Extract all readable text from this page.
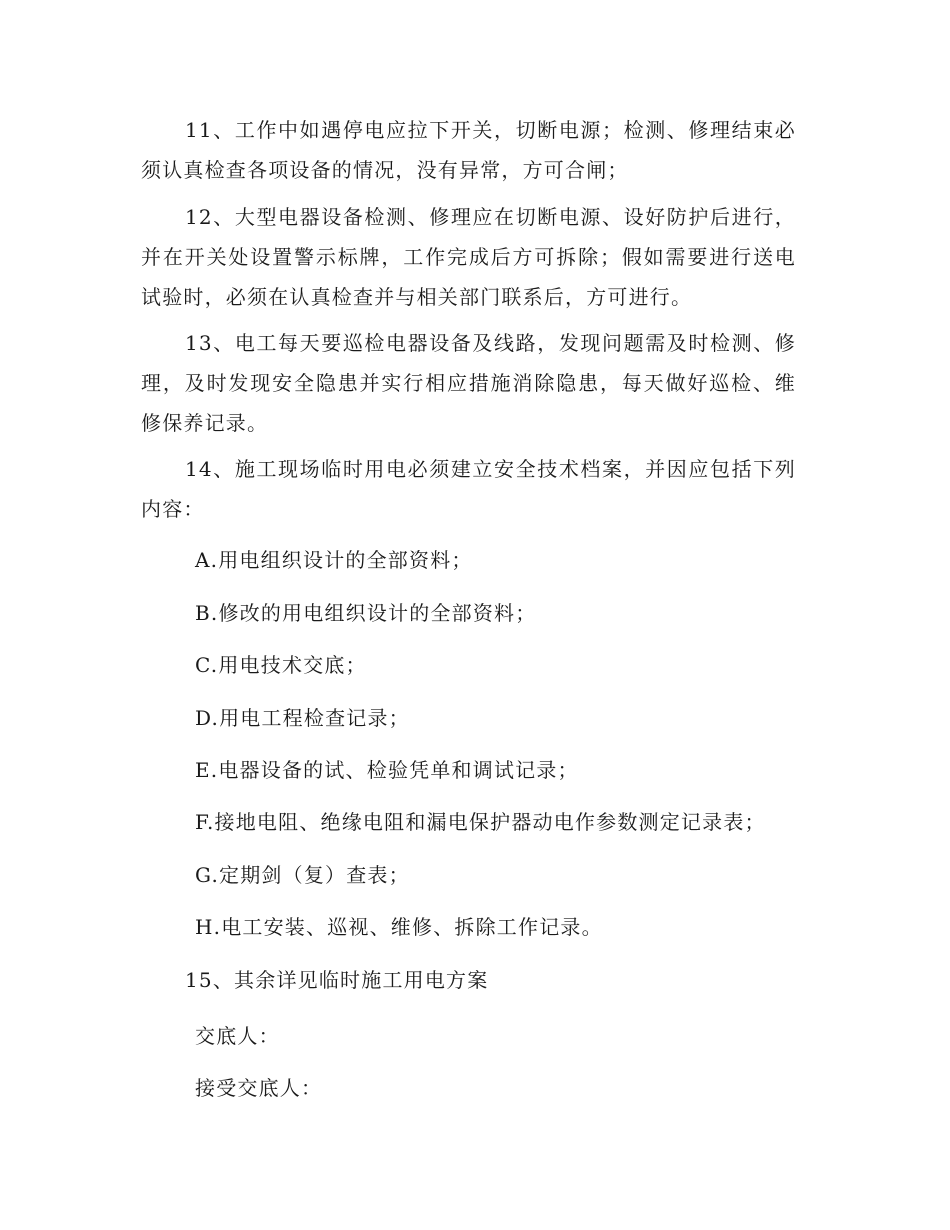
11、工作中如遇停电应拉下开关，切断电源；检测、修理结束必须认真检查各项设备的情况，没有异常，方可合闸；

12、大型电器设备检测、修理应在切断电源、设好防护后进行，并在开关处设置警示标牌，工作完成后方可拆除；假如需要进行送电试验时，必须在认真检查并与相关部门联系后，方可进行。

13、电工每天要巡检电器设备及线路，发现问题需及时检测、修理，及时发现安全隐患并实行相应措施消除隐患，每天做好巡检、维修保养记录。

14、施工现场临时用电必须建立安全技术档案，并因应包括下列内容：

A.用电组织设计的全部资料；

B.修改的用电组织设计的全部资料；

C.用电技术交底；

D.用电工程检查记录；

E.电器设备的试、检验凭单和调试记录；

F.接地电阻、绝缘电阻和漏电保护器动电作参数测定记录表；

G.定期剑（复）查表；

H.电工安装、巡视、维修、拆除工作记录。

15、其余详见临时施工用电方案

交底人：

接受交底人：
